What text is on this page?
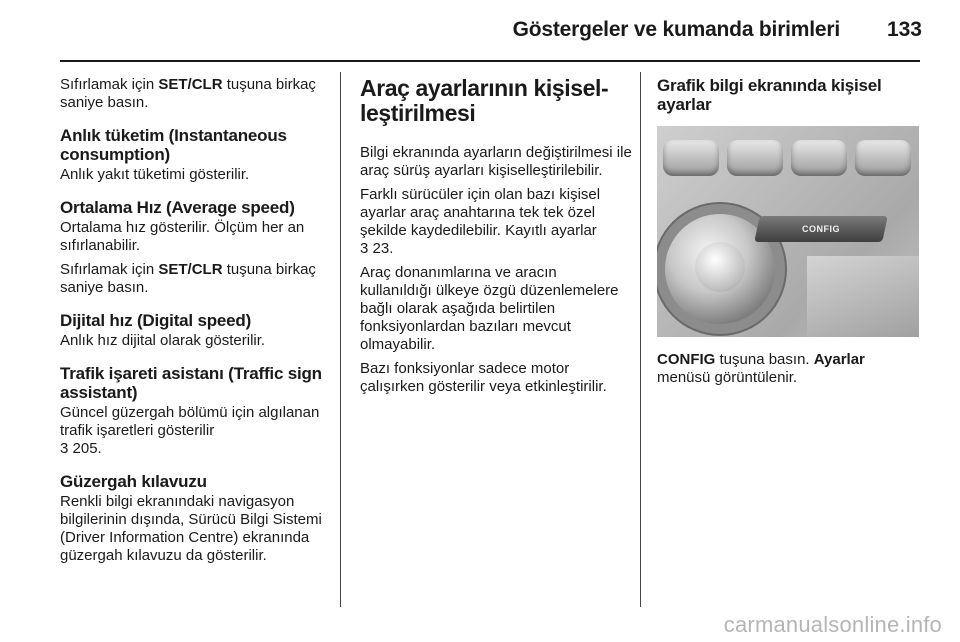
Göstergeler ve kumanda birimleri	133

Sıfırlamak için SET/CLR tuşuna birkaç saniye basın.

Anlık tüketim (Instantaneous consumption)

Anlık yakıt tüketimi gösterilir.

Ortalama Hız (Average speed)

Ortalama hız gösterilir. Ölçüm her an sıfırlanabilir.

Sıfırlamak için SET/CLR tuşuna birkaç saniye basın.

Dijital hız (Digital speed)

Anlık hız dijital olarak gösterilir.

Trafik işareti asistanı (Traffic sign assistant)

Güncel güzergah bölümü için algılanan trafik işaretleri gösterilir
3 205.

Güzergah kılavuzu

Renkli bilgi ekranındaki navigasyon bilgilerinin dışında, Sürücü Bilgi Sistemi (Driver Information Centre) ekranında güzergah kılavuzu da gösterilir.

Araç ayarlarının kişisel-leştirilmesi

Bilgi ekranında ayarların değiştirilmesi ile araç sürüş ayarları kişiselleştirilebilir.

Farklı sürücüler için olan bazı kişisel ayarlar araç anahtarına tek tek özel şekilde kaydedilebilir. Kayıtlı ayarlar
3 23.

Araç donanımlarına ve aracın kullanıldığı ülkeye özgü düzenlemelere bağlı olarak aşağıda belirtilen fonksiyonlardan bazıları mevcut olmayabilir.

Bazı fonksiyonlar sadece motor çalışırken gösterilir veya etkinleştirilir.

Grafik bilgi ekranında kişisel ayarlar
CONFIG

CONFIG tuşuna basın. Ayarlar menüsü görüntülenir.

carmanualsonline.info
